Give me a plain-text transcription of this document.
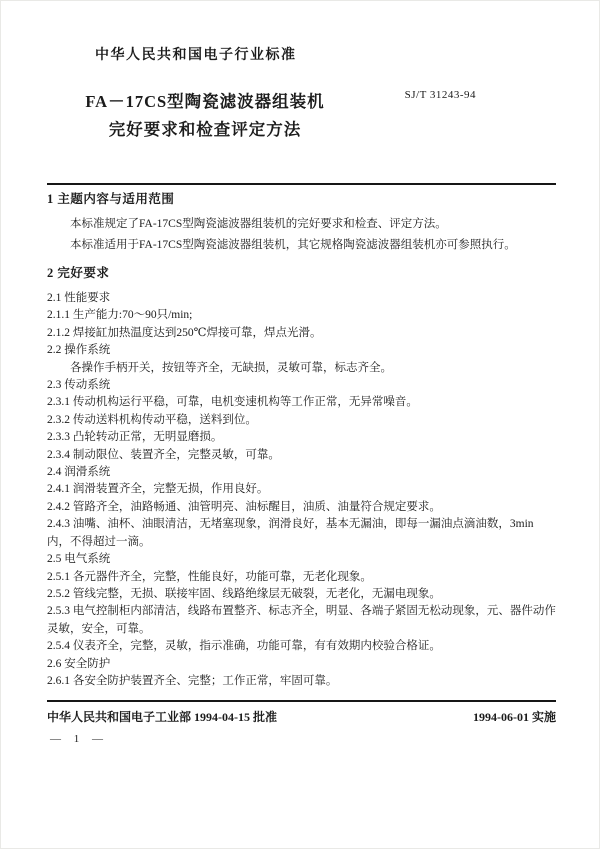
中华人民共和国电子行业标准
FA－17CS型陶瓷滤波器组装机
完好要求和检查评定方法
SJ/T 31243-94
1 主题内容与适用范围
本标准规定了FA-17CS型陶瓷滤波器组装机的完好要求和检查、评定方法。
本标准适用于FA-17CS型陶瓷滤波器组装机，其它规格陶瓷滤波器组装机亦可参照执行。
2 完好要求
2.1 性能要求
2.1.1 生产能力:70～90只/min;
2.1.2 焊接缸加热温度达到250℃焊接可靠，焊点光滑。
2.2 操作系统
各操作手柄开关，按钮等齐全，无缺损，灵敏可靠，标志齐全。
2.3 传动系统
2.3.1 传动机构运行平稳，可靠，电机变速机构等工作正常，无异常噪音。
2.3.2 传动送料机构传动平稳，送料到位。
2.3.3 凸轮转动正常，无明显磨损。
2.3.4 制动限位、装置齐全，完整灵敏，可靠。
2.4 润滑系统
2.4.1 润滑装置齐全，完整无损，作用良好。
2.4.2 管路齐全，油路畅通、油管明亮、油标醒目，油质、油量符合规定要求。
2.4.3 油嘴、油杯、油眼清洁，无堵塞现象，润滑良好，基本无漏油，即每一漏油点滴油数，3min内，不得超过一滴。
2.5 电气系统
2.5.1 各元器件齐全，完整，性能良好，功能可靠，无老化现象。
2.5.2 管线完整，无损、联接牢固、线路绝缘层无破裂，无老化，无漏电现象。
2.5.3 电气控制柜内部清洁，线路布置整齐、标志齐全，明显、各端子紧固无松动现象，元、器件动作灵敏，安全，可靠。
2.5.4 仪表齐全，完整，灵敏，指示准确，功能可靠，有有效期内校验合格证。
2.6 安全防护
2.6.1 各安全防护装置齐全、完整；工作正常，牢固可靠。
中华人民共和国电子工业部 1994-04-15 批准	1994-06-01 实施
— 1 —
